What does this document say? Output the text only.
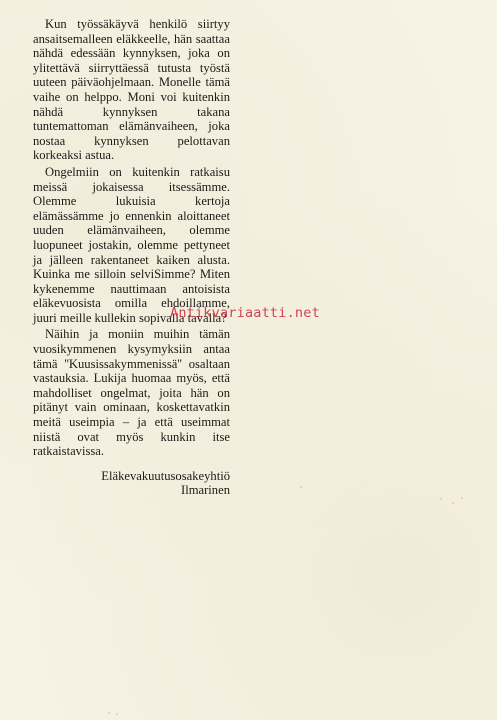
Kun työssäkäyvä henkilö siirtyy ansaitsemalleen eläkkeelle, hän saattaa nähdä edessään kynnyksen, joka on ylitettävä siirryttäessä tutusta työstä uuteen päiväohjelmaan. Monelle tämä vaihe on helppo. Moni voi kuitenkin nähdä kynnyksen takana tuntemattoman elämänvaiheen, joka nostaa kynnyksen pelottavan korkeaksi astua.

Ongelmiin on kuitenkin ratkaisu meissä jokaisessa itsessämme. Olemme lukuisia kertoja elämässämme jo ennenkin aloittaneet uuden elämänvaiheen, olemme luopuneet jostakin, olemme pettyneet ja jälleen rakentaneet kaiken alusta. Kuinka me silloin selviSimme? Miten kykenemme nauttimaan antoisista eläkevuosista omilla ehdoillamme, juuri meille kullekin sopivalla tavalla?

Näihin ja moniin muihin tämän vuosikymmenen kysymyksiin antaa tämä ''Kuusissakymmenissä'' osaltaan vastauksia. Lukija huomaa myös, että mahdolliset ongelmat, joita hän on pitänyt vain ominaan, koskettavatkin meitä useimpia – ja että useimmat niistä ovat myös kunkin itse ratkaistavissa.

Eläkevakuutusosakeyhtiö
Ilmarinen
Antikvariaatti.net
